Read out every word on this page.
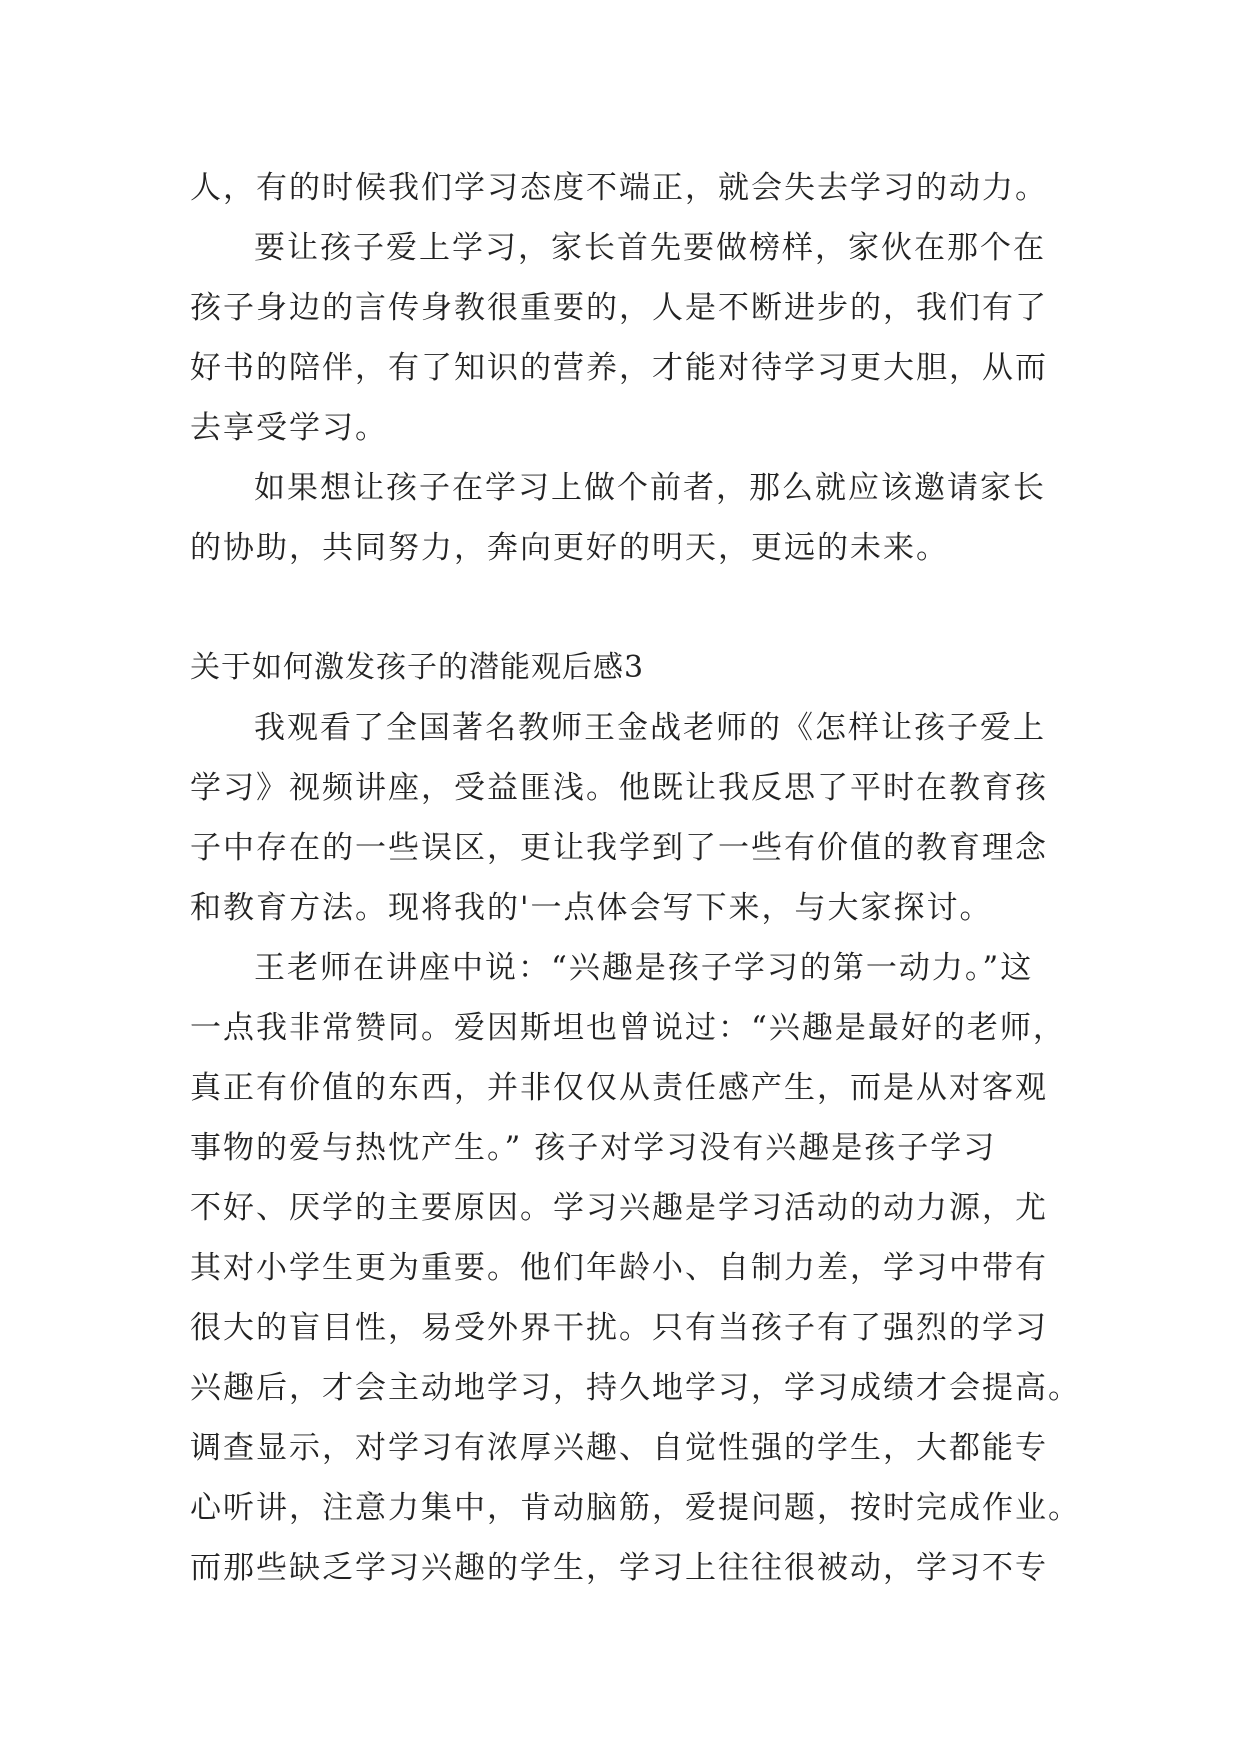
人，有的时候我们学习态度不端正，就会失去学习的动力。
要让孩子爱上学习，家长首先要做榜样，家伙在那个在
孩子身边的言传身教很重要的，人是不断进步的，我们有了
好书的陪伴，有了知识的营养，才能对待学习更大胆，从而
去享受学习。
如果想让孩子在学习上做个前者，那么就应该邀请家长
的协助，共同努力，奔向更好的明天，更远的未来。
关于如何激发孩子的潜能观后感3
我观看了全国著名教师王金战老师的《怎样让孩子爱上
学习》视频讲座，受益匪浅。他既让我反思了平时在教育孩
子中存在的一些误区，更让我学到了一些有价值的教育理念
和教育方法。现将我的'一点体会写下来，与大家探讨。
王老师在讲座中说：“兴趣是孩子学习的第一动力。”这
一点我非常赞同。爱因斯坦也曾说过：“兴趣是最好的老师，
真正有价值的东西，并非仅仅从责任感产生，而是从对客观
事物的爱与热忱产生。” 孩子对学习没有兴趣是孩子学习
不好、厌学的主要原因。学习兴趣是学习活动的动力源，尤
其对小学生更为重要。他们年龄小、自制力差，学习中带有
很大的盲目性，易受外界干扰。只有当孩子有了强烈的学习
兴趣后，才会主动地学习，持久地学习，学习成绩才会提高。
调查显示，对学习有浓厚兴趣、自觉性强的学生，大都能专
心听讲，注意力集中，肯动脑筋，爱提问题，按时完成作业。
而那些缺乏学习兴趣的学生，学习上往往很被动，学习不专
